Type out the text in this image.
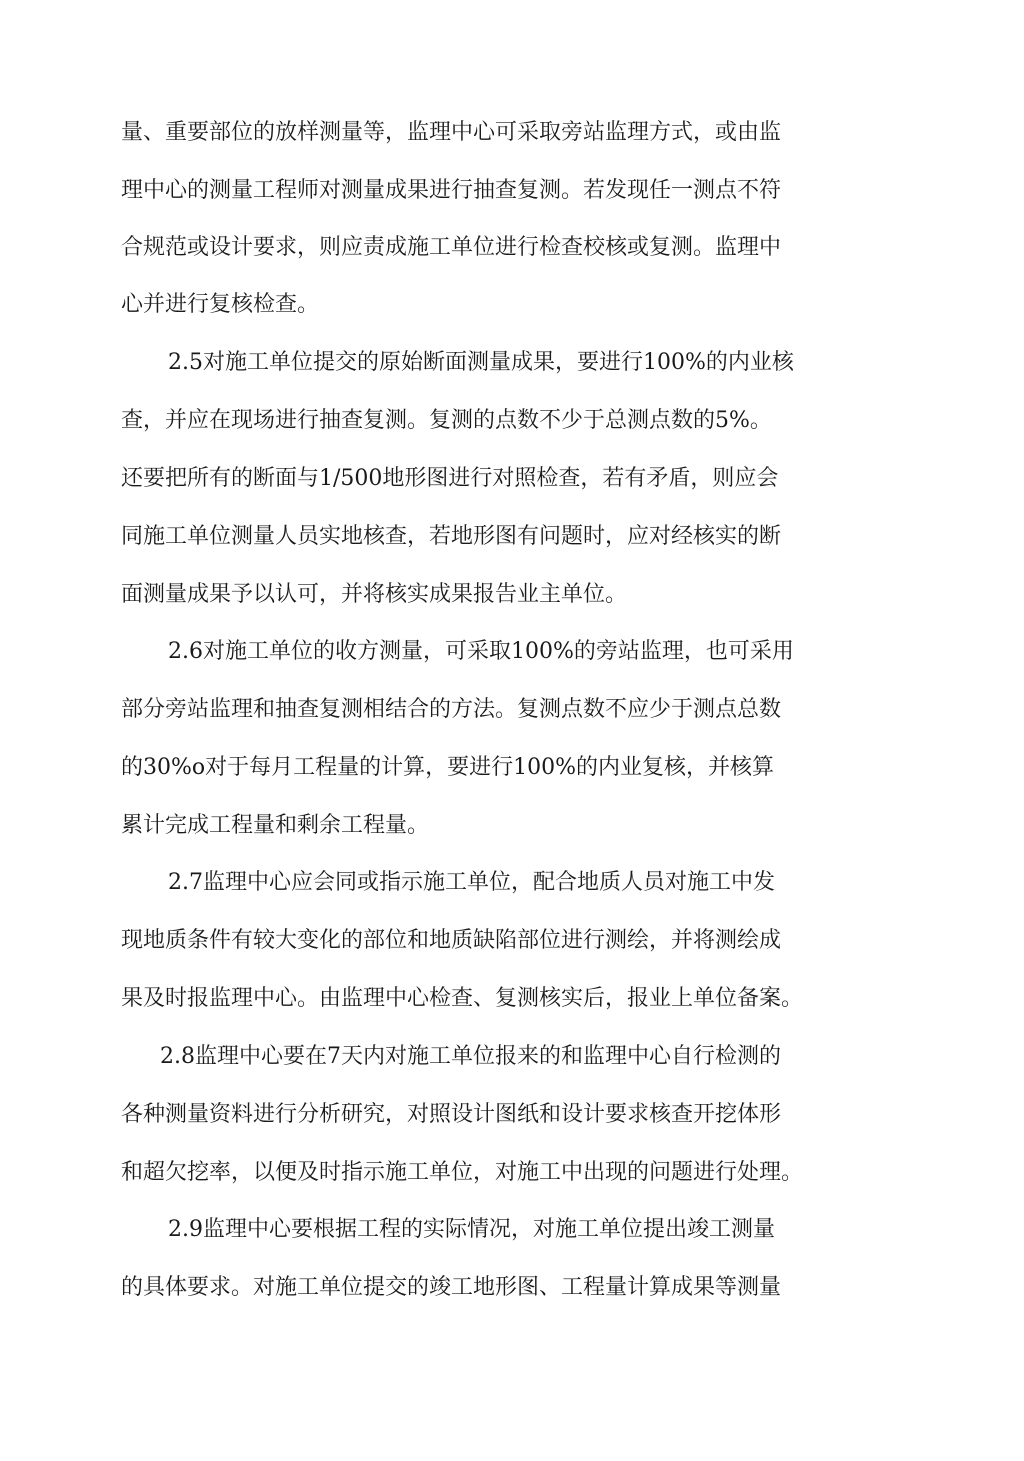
量、重要部位的放样测量等，监理中心可采取旁站监理方式，或由监
理中心的测量工程师对测量成果进行抽查复测。若发现任一测点不符
合规范或设计要求，则应责成施工单位进行检查校核或复测。监理中
心并进行复核检查。
2.5对施工单位提交的原始断面测量成果，要进行100%的内业核
查，并应在现场进行抽查复测。复测的点数不少于总测点数的5%。
还要把所有的断面与1/500地形图进行对照检查，若有矛盾，则应会
同施工单位测量人员实地核查，若地形图有问题时，应对经核实的断
面测量成果予以认可，并将核实成果报告业主单位。
2.6对施工单位的收方测量，可采取100%的旁站监理，也可采用
部分旁站监理和抽查复测相结合的方法。复测点数不应少于测点总数
的30%o对于每月工程量的计算，要进行100%的内业复核，并核算
累计完成工程量和剩余工程量。
2.7监理中心应会同或指示施工单位，配合地质人员对施工中发
现地质条件有较大变化的部位和地质缺陷部位进行测绘，并将测绘成
果及时报监理中心。由监理中心检查、复测核实后，报业上单位备案。
2.8监理中心要在7天内对施工单位报来的和监理中心自行检测的
各种测量资料进行分析研究，对照设计图纸和设计要求核查开挖体形
和超欠挖率，以便及时指示施工单位，对施工中出现的问题进行处理。
2.9监理中心要根据工程的实际情况，对施工单位提出竣工测量
的具体要求。对施工单位提交的竣工地形图、工程量计算成果等测量
